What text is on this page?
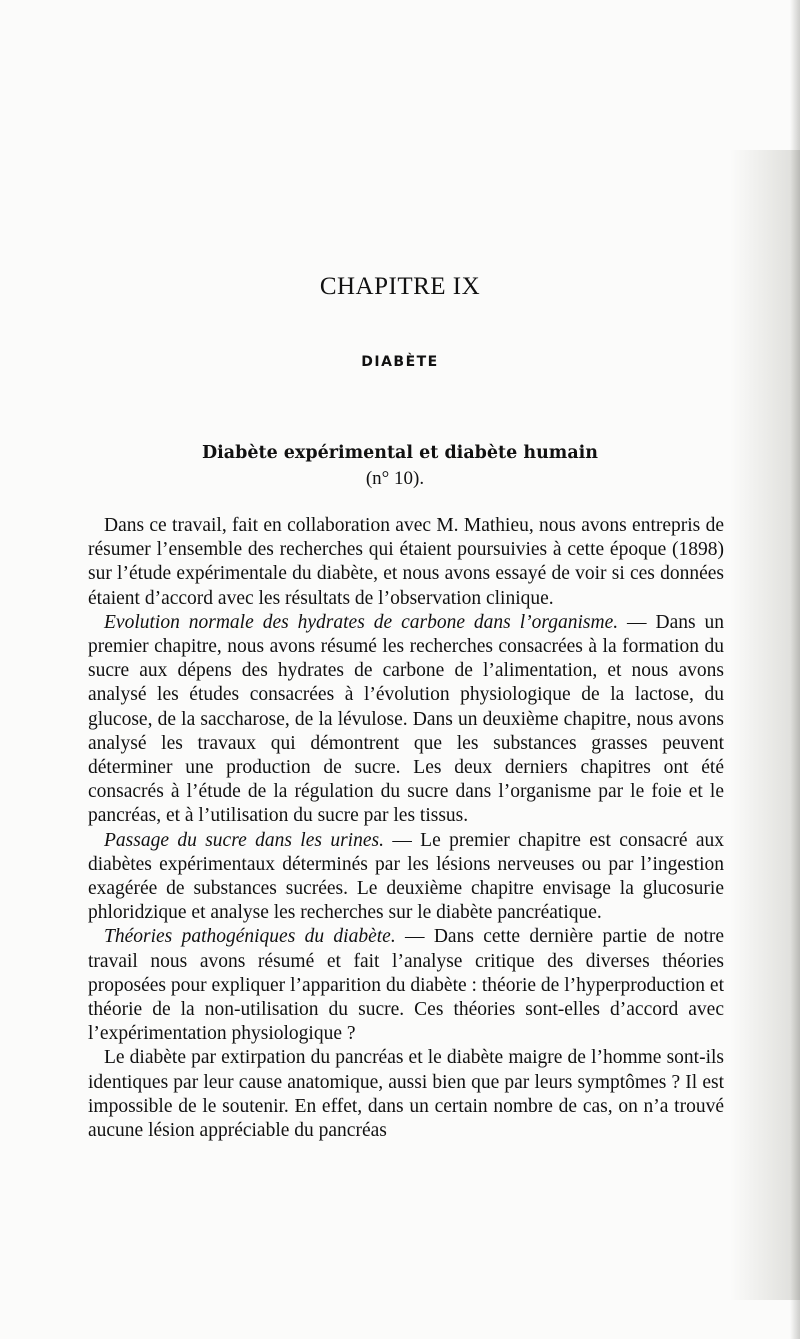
CHAPITRE IX
DIABÈTE
Diabète expérimental et diabète humain
(n° 10).

Dans ce travail, fait en collaboration avec M. Mathieu, nous avons entrepris de résumer l’ensemble des recherches qui étaient poursuivies à cette époque (1898) sur l’étude expérimentale du diabète, et nous avons essayé de voir si ces données étaient d’accord avec les résultats de l’observation clinique.

Evolution normale des hydrates de carbone dans l’organisme. — Dans un premier chapitre, nous avons résumé les recherches consacrées à la formation du sucre aux dépens des hydrates de carbone de l’alimentation, et nous avons analysé les études consacrées à l’évolution physiologique de la lactose, du glucose, de la saccharose, de la lévulose. Dans un deuxième chapitre, nous avons analysé les travaux qui démontrent que les substances grasses peuvent déterminer une production de sucre. Les deux derniers chapitres ont été consacrés à l’étude de la régulation du sucre dans l’organisme par le foie et le pancréas, et à l’utilisation du sucre par les tissus.

Passage du sucre dans les urines. — Le premier chapitre est consacré aux diabètes expérimentaux déterminés par les lésions nerveuses ou par l’ingestion exagérée de substances sucrées. Le deuxième chapitre envisage la glucosurie phloridzique et analyse les recherches sur le diabète pancréatique.

Théories pathogéniques du diabète. — Dans cette dernière partie de notre travail nous avons résumé et fait l’analyse critique des diverses théories proposées pour expliquer l’apparition du diabète : théorie de l’hyperproduction et théorie de la non-utilisation du sucre. Ces théories sont-elles d’accord avec l’expérimentation physiologique ?

Le diabète par extirpation du pancréas et le diabète maigre de l’homme sont-ils identiques par leur cause anatomique, aussi bien que par leurs symptômes ? Il est impossible de le soutenir. En effet, dans un certain nombre de cas, on n’a trouvé aucune lésion appréciable du pancréas
